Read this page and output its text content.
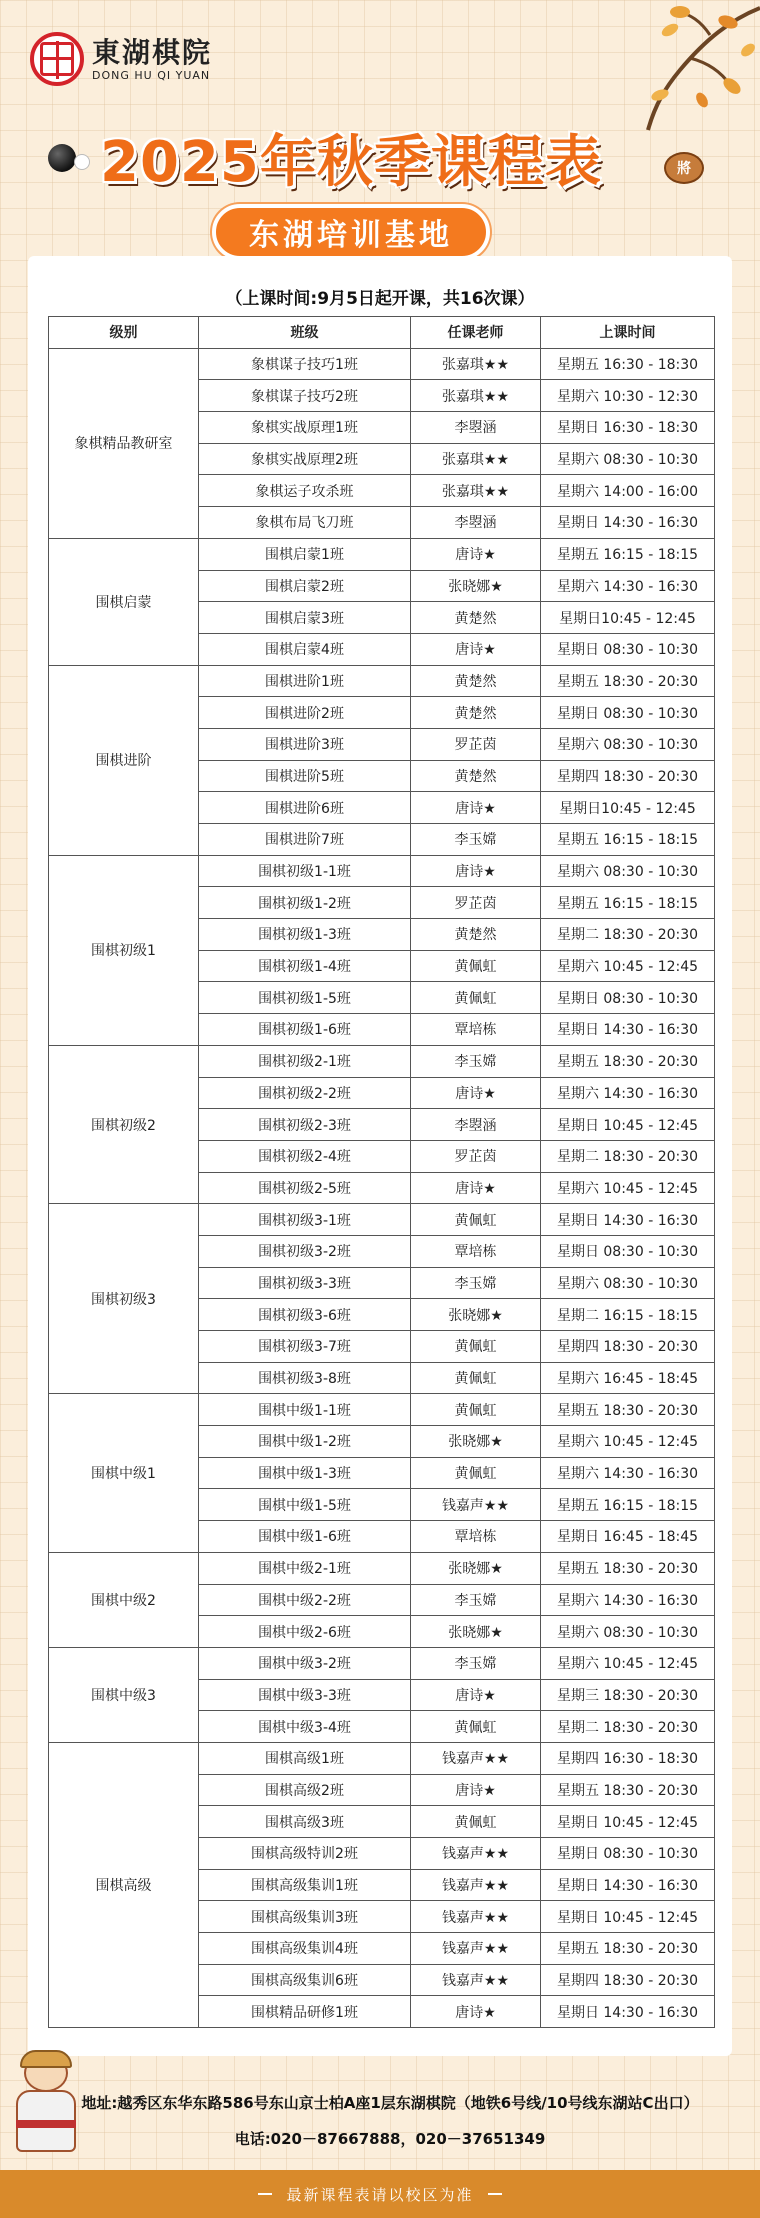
東湖棋院
DONG HU QI YUAN
2025年秋季课程表	將
东湖培训基地
（上课时间:9月5日起开课，共16次课）
级别	班级	任课老师	上课时间
象棋精品教研室	象棋谋子技巧1班	张嘉琪★★	星期五 16:30 - 18:30
	象棋谋子技巧2班	张嘉琪★★	星期六 10:30 - 12:30
	象棋实战原理1班	李曌涵	星期日 16:30 - 18:30
	象棋实战原理2班	张嘉琪★★	星期六 08:30 - 10:30
	象棋运子攻杀班	张嘉琪★★	星期六 14:00 - 16:00
	象棋布局飞刀班	李曌涵	星期日 14:30 - 16:30
围棋启蒙	围棋启蒙1班	唐诗★	星期五 16:15 - 18:15
	围棋启蒙2班	张晓娜★	星期六 14:30 - 16:30
	围棋启蒙3班	黄楚然	星期日10:45 - 12:45
	围棋启蒙4班	唐诗★	星期日 08:30 - 10:30
围棋进阶	围棋进阶1班	黄楚然	星期五 18:30 - 20:30
	围棋进阶2班	黄楚然	星期日 08:30 - 10:30
	围棋进阶3班	罗芷茵	星期六 08:30 - 10:30
	围棋进阶5班	黄楚然	星期四 18:30 - 20:30
	围棋进阶6班	唐诗★	星期日10:45 - 12:45
	围棋进阶7班	李玉嫦	星期五 16:15 - 18:15
围棋初级1	围棋初级1-1班	唐诗★	星期六 08:30 - 10:30
	围棋初级1-2班	罗芷茵	星期五 16:15 - 18:15
	围棋初级1-3班	黄楚然	星期二 18:30 - 20:30
	围棋初级1-4班	黄佩虹	星期六 10:45 - 12:45
	围棋初级1-5班	黄佩虹	星期日 08:30 - 10:30
	围棋初级1-6班	覃培栋	星期日 14:30 - 16:30
围棋初级2	围棋初级2-1班	李玉嫦	星期五 18:30 - 20:30
	围棋初级2-2班	唐诗★	星期六 14:30 - 16:30
	围棋初级2-3班	李曌涵	星期日 10:45 - 12:45
	围棋初级2-4班	罗芷茵	星期二 18:30 - 20:30
	围棋初级2-5班	唐诗★	星期六 10:45 - 12:45
围棋初级3	围棋初级3-1班	黄佩虹	星期日 14:30 - 16:30
	围棋初级3-2班	覃培栋	星期日 08:30 - 10:30
	围棋初级3-3班	李玉嫦	星期六 08:30 - 10:30
	围棋初级3-6班	张晓娜★	星期二 16:15 - 18:15
	围棋初级3-7班	黄佩虹	星期四 18:30 - 20:30
	围棋初级3-8班	黄佩虹	星期六 16:45 - 18:45
围棋中级1	围棋中级1-1班	黄佩虹	星期五 18:30 - 20:30
	围棋中级1-2班	张晓娜★	星期六 10:45 - 12:45
	围棋中级1-3班	黄佩虹	星期六 14:30 - 16:30
	围棋中级1-5班	钱嘉声★★	星期五 16:15 - 18:15
	围棋中级1-6班	覃培栋	星期日 16:45 - 18:45
围棋中级2	围棋中级2-1班	张晓娜★	星期五 18:30 - 20:30
	围棋中级2-2班	李玉嫦	星期六 14:30 - 16:30
	围棋中级2-6班	张晓娜★	星期六 08:30 - 10:30
围棋中级3	围棋中级3-2班	李玉嫦	星期六 10:45 - 12:45
	围棋中级3-3班	唐诗★	星期三 18:30 - 20:30
	围棋中级3-4班	黄佩虹	星期二 18:30 - 20:30
围棋高级	围棋高级1班	钱嘉声★★	星期四 16:30 - 18:30
	围棋高级2班	唐诗★	星期五 18:30 - 20:30
	围棋高级3班	黄佩虹	星期日 10:45 - 12:45
	围棋高级特训2班	钱嘉声★★	星期日 08:30 - 10:30
	围棋高级集训1班	钱嘉声★★	星期日 14:30 - 16:30
	围棋高级集训3班	钱嘉声★★	星期日 10:45 - 12:45
	围棋高级集训4班	钱嘉声★★	星期五 18:30 - 20:30
	围棋高级集训6班	钱嘉声★★	星期四 18:30 - 20:30
	围棋精品研修1班	唐诗★	星期日 14:30 - 16:30
地址:越秀区东华东路586号东山京士柏A座1层东湖棋院（地铁6号线/10号线东湖站C出口）
电话:020－87667888，020－37651349
最新课程表请以校区为准
